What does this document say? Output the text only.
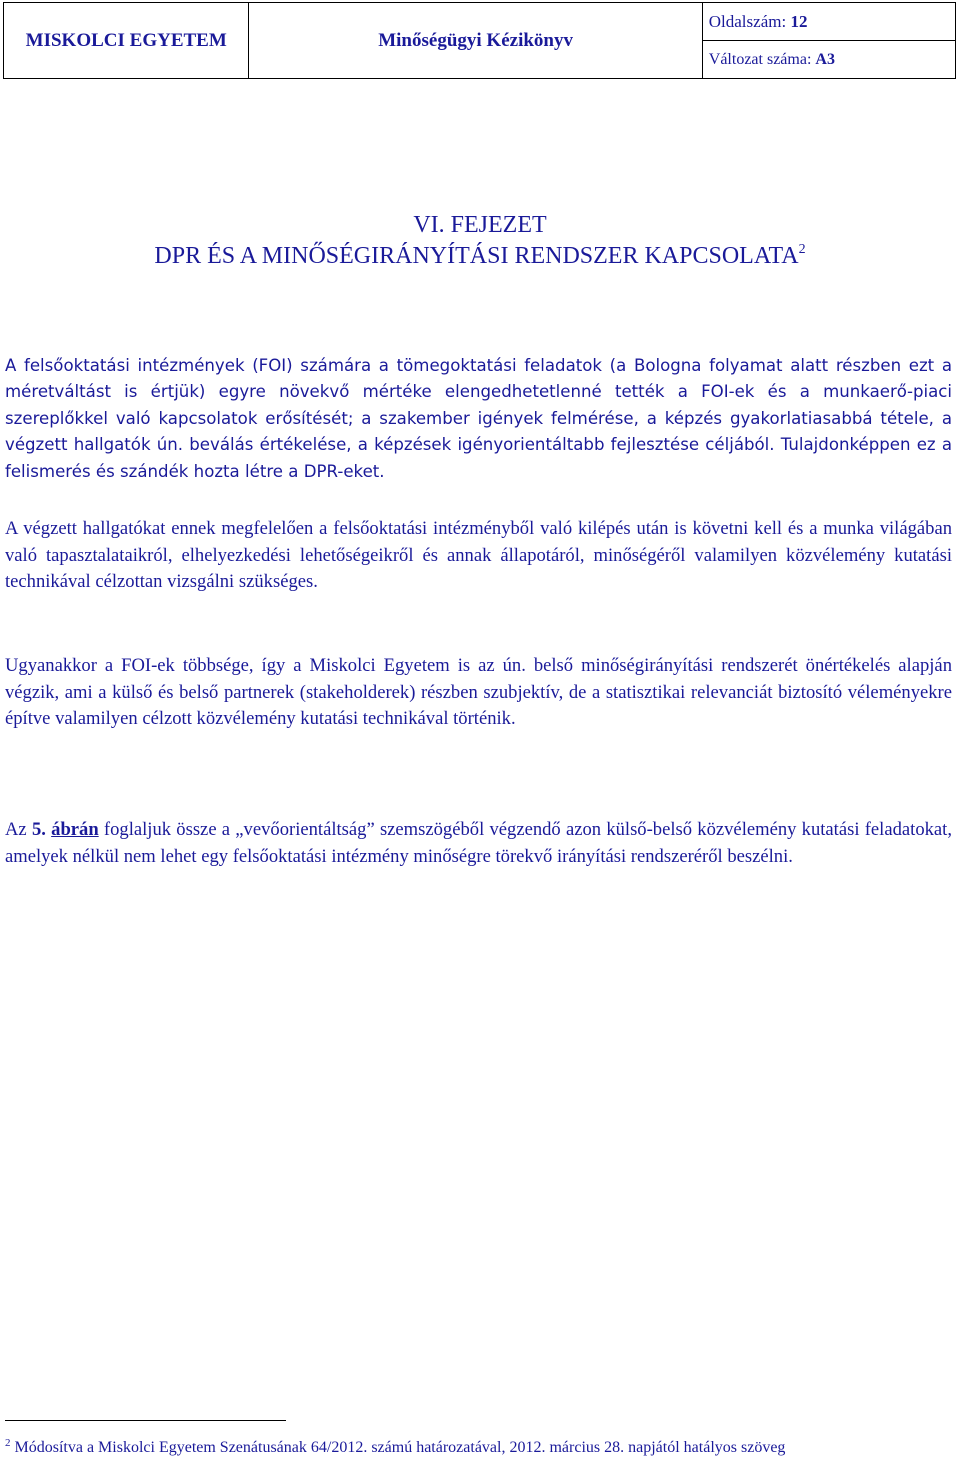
MISKOLCI EGYETEM	Minőségügyi Kézikönyv	Oldalszám: 12
Változat száma: A3
VI. FEJEZET
DPR ÉS A MINŐSÉGIRÁNYÍTÁSI RENDSZER KAPCSOLATA$^2$

A felsőoktatási intézmények (FOI) számára a tömegoktatási feladatok (a Bologna folyamat alatt részben ezt a méretváltást is értjük) egyre növekvő mértéke elengedhetetlenné tették a FOI-ek és a munkaerő-piaci szereplőkkel való kapcsolatok erősítését; a szakember igények felmérése, a képzés gyakorlatiasabbá tétele, a végzett hallgatók ún. beválás értékelése, a képzések igényorientáltabb fejlesztése céljából. Tulajdonképpen ez a felismerés és szándék hozta létre a DPR-eket.

A végzett hallgatókat ennek megfelelően a felsőoktatási intézményből való kilépés után is követni kell és a munka világában való tapasztalataikról, elhelyezkedési lehetőségeikről és annak állapotáról, minőségéről valamilyen közvélemény kutatási technikával célzottan vizsgálni szükséges.

Ugyanakkor a FOI-ek többsége, így a Miskolci Egyetem is az ún. belső minőségirányítási rendszerét önértékelés alapján végzik, ami a külső és belső partnerek (stakeholderek) részben szubjektív, de a statisztikai relevanciát biztosító véleményekre építve valamilyen célzott közvélemény kutatási technikával történik.

Az 5. ábrán foglaljuk össze a „vevőorientáltság” szemszögéből végzendő azon külső-belső közvélemény kutatási feladatokat, amelyek nélkül nem lehet egy felsőoktatási intézmény minőségre törekvő irányítási rendszeréről beszélni.

$^2$ Módosítva a Miskolci Egyetem Szenátusának 64/2012. számú határozatával, 2012. március 28. napjától hatályos szöveg
